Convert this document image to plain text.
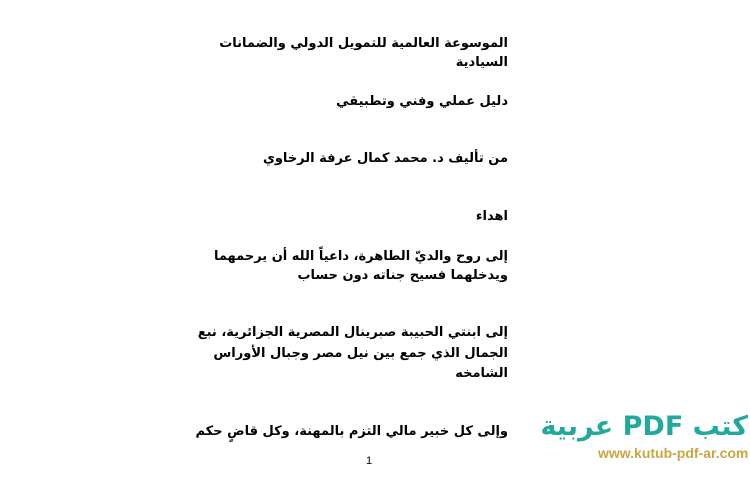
الموسوعة العالمية للتمويل الدولي والضمانات
السيادية
دليل عملي وفني وتطبيقي
من تأليف د. محمد كمال عرفة الرخاوي
اهداء
إلى روح والديّ الطاهرة، داعياً الله أن يرحمهما
ويدخلهما فسيح جناته دون حساب
إلى ابنتي الحبيبة صبرينال المصرية الجزائرية، نبع
الجمال الذي جمع بين نيل مصر وجبال الأوراس
الشامخه
وإلى كل خبير مالي التزم بالمهنة، وكل قاضٍ حكم
1
كتب PDF عربية
www.kutub-pdf-ar.com
